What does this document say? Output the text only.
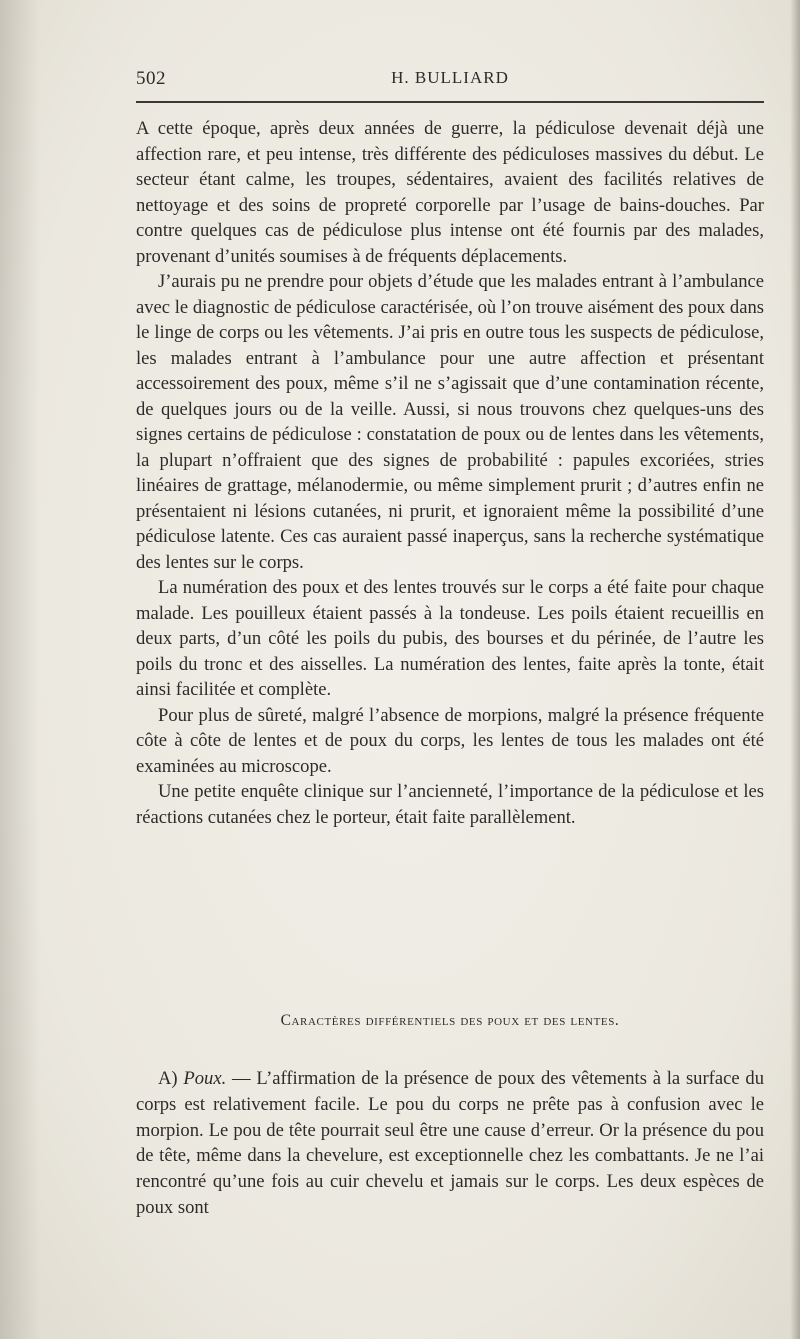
502	H. BULLIARD

A cette époque, après deux années de guerre, la pédiculose devenait déjà une affection rare, et peu intense, très différente des pédiculoses massives du début. Le secteur étant calme, les troupes, sédentaires, avaient des facilités relatives de nettoyage et des soins de propreté corporelle par l’usage de bains-douches. Par contre quelques cas de pédiculose plus intense ont été fournis par des malades, provenant d’unités soumises à de fréquents déplacements.

J’aurais pu ne prendre pour objets d’étude que les malades entrant à l’ambulance avec le diagnostic de pédiculose caractérisée, où l’on trouve aisément des poux dans le linge de corps ou les vêtements. J’ai pris en outre tous les suspects de pédiculose, les malades entrant à l’ambulance pour une autre affection et présentant accessoirement des poux, même s’il ne s’agissait que d’une contamination récente, de quelques jours ou de la veille. Aussi, si nous trouvons chez quelques-uns des signes certains de pédiculose : constatation de poux ou de lentes dans les vêtements, la plupart n’offraient que des signes de probabilité : papules excoriées, stries linéaires de grattage, mélanodermie, ou même simplement prurit ; d’autres enfin ne présentaient ni lésions cutanées, ni prurit, et ignoraient même la possibilité d’une pédiculose latente. Ces cas auraient passé inaperçus, sans la recherche systématique des lentes sur le corps.

La numération des poux et des lentes trouvés sur le corps a été faite pour chaque malade. Les pouilleux étaient passés à la tondeuse. Les poils étaient recueillis en deux parts, d’un côté les poils du pubis, des bourses et du périnée, de l’autre les poils du tronc et des aisselles. La numération des lentes, faite après la tonte, était ainsi facilitée et complète.

Pour plus de sûreté, malgré l’absence de morpions, malgré la présence fréquente côte à côte de lentes et de poux du corps, les lentes de tous les malades ont été examinées au microscope.

Une petite enquête clinique sur l’ancienneté, l’importance de la pédiculose et les réactions cutanées chez le porteur, était faite parallèlement.

Caractères différentiels des poux et des lentes.

A) Poux. — L’affirmation de la présence de poux des vêtements à la surface du corps est relativement facile. Le pou du corps ne prête pas à confusion avec le morpion. Le pou de tête pourrait seul être une cause d’erreur. Or la présence du pou de tête, même dans la chevelure, est exceptionnelle chez les combattants. Je ne l’ai rencontré qu’une fois au cuir chevelu et jamais sur le corps. Les deux espèces de poux sont
